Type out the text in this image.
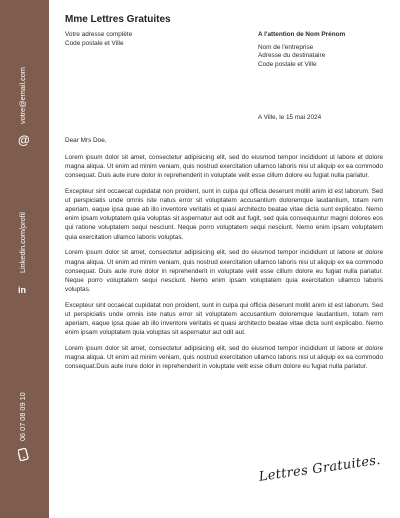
votre@email.com
@
Linkedin.com/profil
in
06 07 08 09 10
Mme Lettres Gratuites
Votre adresse complète
Code postale et Ville
A l'attention de Nom Prénom
Nom de l'entreprise
Adresse du destinataire
Code postale et Ville
A Ville, le 15 mai 2024
Dear Mrs Doe,

Lorem ipsum dolor sit amet, consectetur adipisicing elit, sed do eiusmod tempor incididunt ut labore et dolore magna aliqua. Ut enim ad minim veniam, quis nostrud exercitation ullamco laboris nisi ut aliquip ex ea commodo consequat. Duis aute irure dolor in reprehenderit in voluptate velit esse cillum dolore eu fugiat nulla pariatur.

Excepteur sint occaecat cupidatat non proident, sunt in culpa qui officia deserunt mollit anim id est laborum. Sed ut perspiciatis unde omnis iste natus error sit voluptatem accusantium doloremque laudantium, totam rem aperiam, eaque ipsa quae ab illo inventore veritatis et quasi architecto beatae vitae dicta sunt explicabo. Nemo enim ipsam voluptatem quia voluptas sit aspernatur aut odit aut fugit, sed quia consequuntur magni dolores eos qui ratione voluptatem sequi nesciunt. Neque porro voluptatem sequi nesciunt. Nemo enim ipsam voluptatem quia exercitation ullamco laboris voluptas.

Lorem ipsum dolor sit amet, consectetur adipisicing elit, sed do eiusmod tempor incididunt ut labore et dolore magna aliqua. Ut enim ad minim veniam, quis nostrud exercitation ullamco laboris nisi ut aliquip ex ea commodo consequat. Duis aute irure dolor in reprehenderit in voluptate velit esse cillum dolore eu fugiat nulla pariatur. Neque porro voluptatem sequi nesciunt. Nemo enim ipsam voluptatem quia exercitation ullamco laboris voluptas.

Excepteur sint occaecat cupidatat non proident, sunt in culpa qui officia deserunt mollit anim id est laborum. Sed ut perspiciatis unde omnis iste natus error sit voluptatem accusantium doloremque laudantium, totam rem aperiam, eaque ipsa quae ab illo inventore veritatis et quasi architecto beatae vitae dicta sunt explicabo. Nemo enim ipsam voluptatem quia voluptas sit aspernatur aut odit aut.

Lorem ipsum dolor sit amet, consectetur adipisicing elit, sed do eiusmod tempor incididunt ut labore et dolore magna aliqua. Ut enim ad minim veniam, quis nostrud exercitation ullamco laboris nisi ut aliquip ex ea commodo consequat.Duis aute irure dolor in reprehenderit in voluptate velit esse cillum dolore eu fugiat nulla pariatur.

Lettres Gratuites.
